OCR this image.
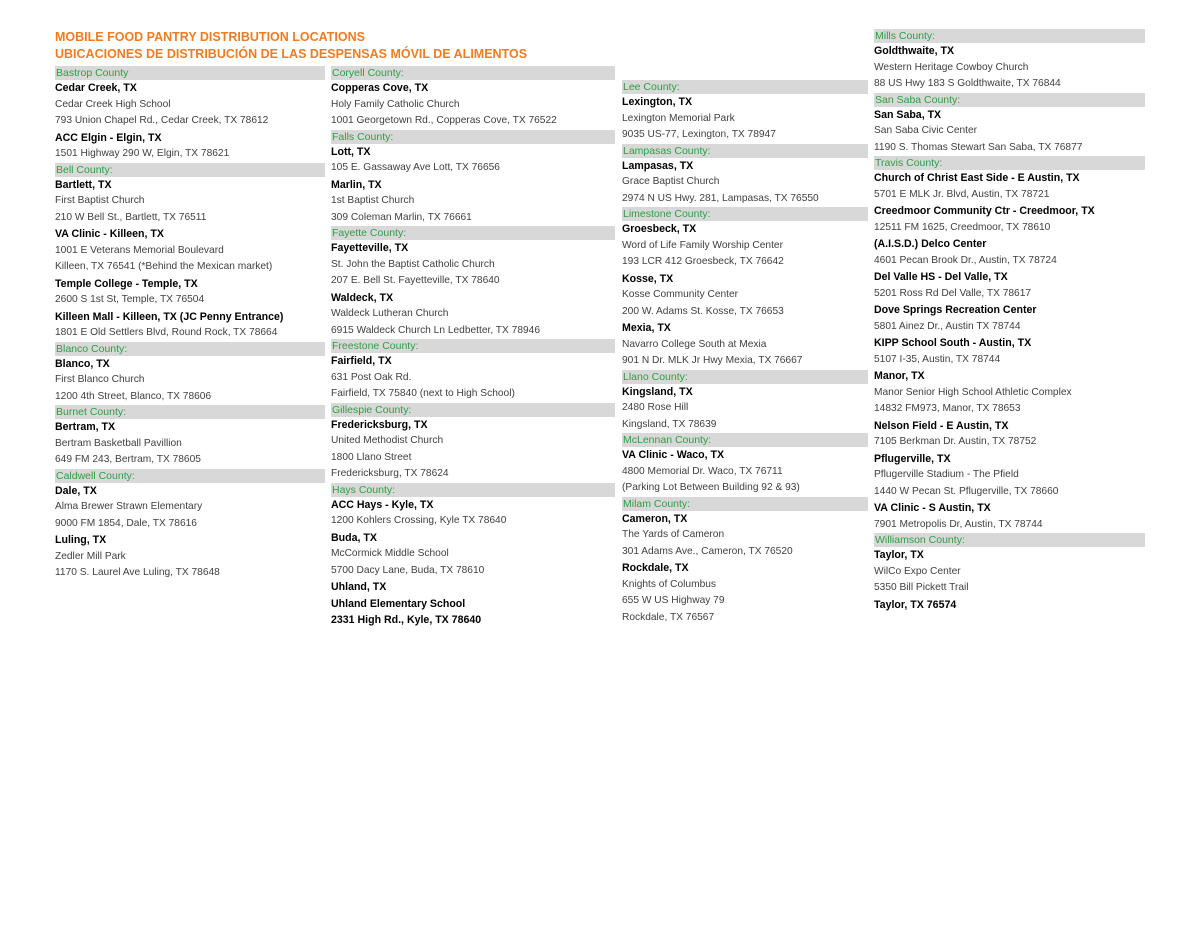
MOBILE FOOD PANTRY DISTRIBUTION LOCATIONS
UBICACIONES DE DISTRIBUCIÓN DE LAS DESPENSAS MÓVIL DE ALIMENTOS
Bastrop County
Cedar Creek, TX
Cedar Creek High School
793 Union Chapel Rd., Cedar Creek, TX 78612
ACC Elgin - Elgin, TX
1501 Highway 290 W, Elgin, TX 78621
Bell County:
Bartlett, TX
First Baptist Church
210 W Bell St., Bartlett, TX 76511
VA Clinic - Killeen, TX
1001 E Veterans Memorial Boulevard
Killeen, TX 76541 (*Behind the Mexican market)
Temple College - Temple, TX
2600 S 1st St, Temple, TX 76504
Killeen Mall - Killeen, TX (JC Penny Entrance)
1801 E Old Settlers Blvd, Round Rock, TX 78664
Blanco County:
Blanco, TX
First Blanco Church
1200 4th Street, Blanco, TX 78606
Burnet County:
Bertram, TX
Bertram Basketball Pavillion
649 FM 243, Bertram, TX 78605
Caldwell County:
Dale, TX
Alma Brewer Strawn Elementary
9000 FM 1854, Dale, TX 78616
Luling, TX
Zedler Mill Park
1170 S. Laurel Ave Luling, TX 78648
Coryell County:
Copperas Cove, TX
Holy Family Catholic Church
1001 Georgetown Rd., Copperas Cove, TX 76522
Falls County:
Lott, TX
105 E. Gassaway Ave Lott, TX 76656
Marlin, TX
1st Baptist Church
309 Coleman Marlin, TX 76661
Fayette County:
Fayetteville, TX
St. John the Baptist Catholic Church
207 E. Bell St. Fayetteville, TX 78640
Waldeck, TX
Waldeck Lutheran Church
6915 Waldeck Church Ln Ledbetter, TX 78946
Freestone County:
Fairfield, TX
631 Post Oak Rd.
Fairfield, TX 75840 (next to High School)
Gillespie County:
Fredericksburg, TX
United Methodist Church
1800 Llano Street
Fredericksburg, TX 78624
Hays County:
ACC Hays - Kyle, TX
1200 Kohlers Crossing, Kyle TX 78640
Buda, TX
McCormick Middle School
5700 Dacy Lane, Buda, TX 78610
Uhland, TX
Uhland Elementary School
2331 High Rd., Kyle, TX 78640
Lee County:
Lexington, TX
Lexington Memorial Park
9035 US-77, Lexington, TX 78947
Lampasas County:
Lampasas, TX
Grace Baptist Church
2974 N US Hwy. 281, Lampasas, TX 76550
Limestone County:
Groesbeck, TX
Word of Life Family Worship Center
193 LCR 412 Groesbeck, TX 76642
Kosse, TX
Kosse Community Center
200 W. Adams St. Kosse, TX 76653
Mexia, TX
Navarro College South at Mexia
901 N Dr. MLK Jr Hwy Mexia, TX 76667
Llano County:
Kingsland, TX
2480 Rose Hill
Kingsland, TX 78639
McLennan County:
VA Clinic - Waco, TX
4800 Memorial Dr. Waco, TX 76711
(Parking Lot Between Building 92 & 93)
Milam County:
Cameron, TX
The Yards of Cameron
301 Adams Ave., Cameron, TX 76520
Rockdale, TX
Knights of Columbus
655 W US Highway 79
Rockdale, TX 76567
Mills County:
Goldthwaite, TX
Western Heritage Cowboy Church
88 US Hwy 183 S Goldthwaite, TX 76844
San Saba County:
San Saba, TX
San Saba Civic Center
1190 S. Thomas Stewart San Saba, TX 76877
Travis County:
Church of Christ East Side - E Austin, TX
5701 E MLK Jr. Blvd, Austin, TX 78721
Creedmoor Community Ctr - Creedmoor, TX
12511 FM 1625, Creedmoor, TX 78610
(A.I.S.D.) Delco Center
4601 Pecan Brook Dr., Austin, TX 78724
Del Valle HS - Del Valle, TX
5201 Ross Rd Del Valle, TX 78617
Dove Springs Recreation Center
5801 Ainez Dr., Austin TX 78744
KIPP School South - Austin, TX
5107 I-35, Austin, TX 78744
Manor, TX
Manor Senior High School Athletic Complex
14832 FM973, Manor, TX 78653
Nelson Field - E Austin, TX
7105 Berkman Dr. Austin, TX 78752
Pflugerville, TX
Pflugerville Stadium - The Pfield
1440 W Pecan St. Pflugerville, TX 78660
VA Clinic - S Austin, TX
7901 Metropolis Dr, Austin, TX 78744
Williamson County:
Taylor, TX
WilCo Expo Center
5350 Bill Pickett Trail
Taylor, TX 76574
